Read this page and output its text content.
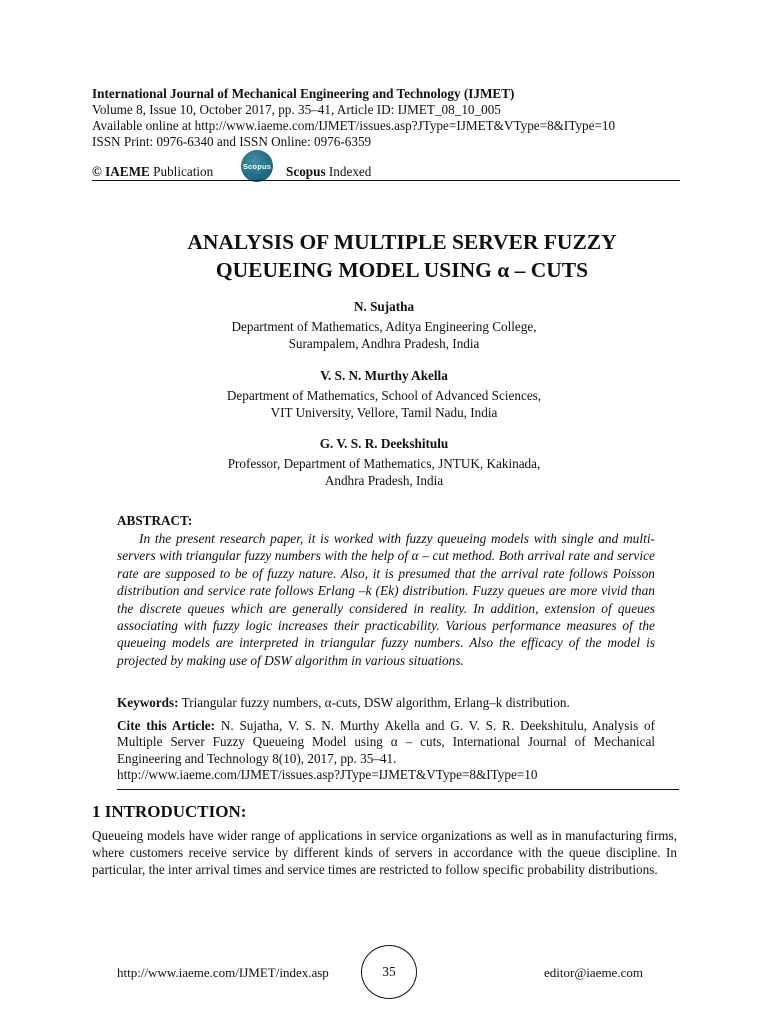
International Journal of Mechanical Engineering and Technology (IJMET)
Volume 8, Issue 10, October 2017, pp. 35–41, Article ID: IJMET_08_10_005
Available online at http://www.iaeme.com/IJMET/issues.asp?JType=IJMET&VType=8&IType=10
ISSN Print: 0976-6340 and ISSN Online: 0976-6359
© IAEME Publication	Scopus Scopus Indexed
ANALYSIS OF MULTIPLE SERVER FUZZY
QUEUEING MODEL USING α – CUTS
N. Sujatha
Department of Mathematics, Aditya Engineering College,
Surampalem, Andhra Pradesh, India
V. S. N. Murthy Akella
Department of Mathematics, School of Advanced Sciences,
VIT University, Vellore, Tamil Nadu, India
G. V. S. R. Deekshitulu
Professor, Department of Mathematics, JNTUK, Kakinada,
Andhra Pradesh, India
ABSTRACT:
In the present research paper, it is worked with fuzzy queueing models with single and multi-servers with triangular fuzzy numbers with the help of α – cut method. Both arrival rate and service rate are supposed to be of fuzzy nature. Also, it is presumed that the arrival rate follows Poisson distribution and service rate follows Erlang –k (Ek) distribution. Fuzzy queues are more vivid than the discrete queues which are generally considered in reality. In addition, extension of queues associating with fuzzy logic increases their practicability. Various performance measures of the queueing models are interpreted in triangular fuzzy numbers. Also the efficacy of the model is projected by making use of DSW algorithm in various situations.
Keywords: Triangular fuzzy numbers, α-cuts, DSW algorithm, Erlang–k distribution.
Cite this Article: N. Sujatha, V. S. N. Murthy Akella and G. V. S. R. Deekshitulu, Analysis of Multiple Server Fuzzy Queueing Model using α – cuts, International Journal of Mechanical Engineering and Technology 8(10), 2017, pp. 35–41.
http://www.iaeme.com/IJMET/issues.asp?JType=IJMET&VType=8&IType=10
1 INTRODUCTION:
Queueing models have wider range of applications in service organizations as well as in manufacturing firms, where customers receive service by different kinds of servers in accordance with the queue discipline. In particular, the inter arrival times and service times are restricted to follow specific probability distributions.
http://www.iaeme.com/IJMET/index.asp	35	editor@iaeme.com
